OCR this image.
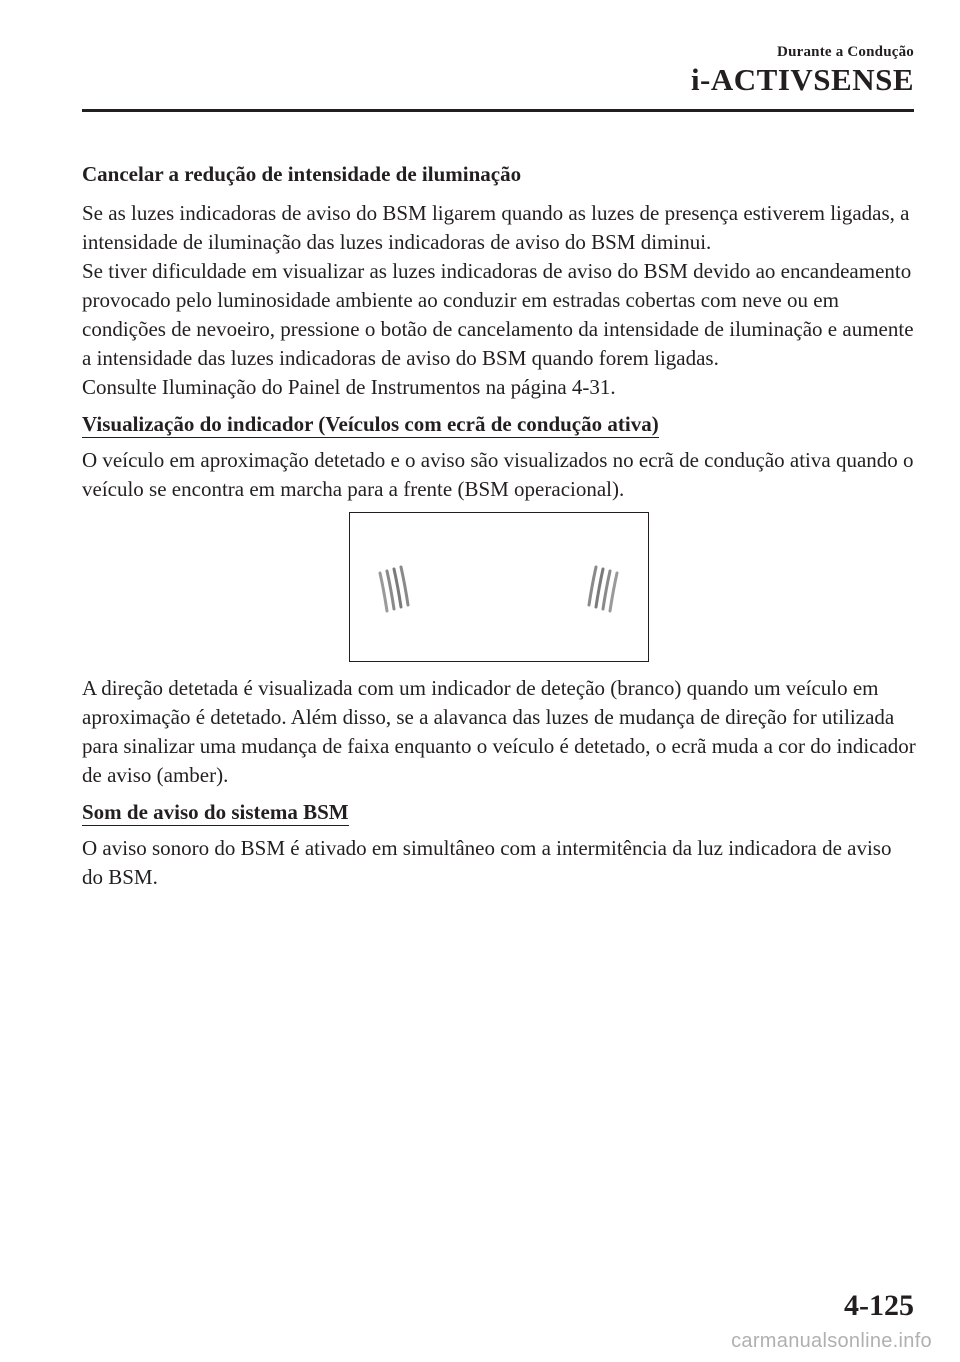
Durante a Condução
i-ACTIVSENSE
Cancelar a redução de intensidade de iluminação
Se as luzes indicadoras de aviso do BSM ligarem quando as luzes de presença estiverem ligadas, a intensidade de iluminação das luzes indicadoras de aviso do BSM diminui.
Se tiver dificuldade em visualizar as luzes indicadoras de aviso do BSM devido ao encandeamento provocado pelo luminosidade ambiente ao conduzir em estradas cobertas com neve ou em condições de nevoeiro, pressione o botão de cancelamento da intensidade de iluminação e aumente a intensidade das luzes indicadoras de aviso do BSM quando forem ligadas.
Consulte Iluminação do Painel de Instrumentos na página 4-31.
Visualização do indicador (Veículos com ecrã de condução ativa)
O veículo em aproximação detetado e o aviso são visualizados no ecrã de condução ativa quando o veículo se encontra em marcha para a frente (BSM operacional).
A direção detetada é visualizada com um indicador de deteção (branco) quando um veículo em aproximação é detetado. Além disso, se a alavanca das luzes de mudança de direção for utilizada para sinalizar uma mudança de faixa enquanto o veículo é detetado, o ecrã muda a cor do indicador de aviso (amber).
Som de aviso do sistema BSM
O aviso sonoro do BSM é ativado em simultâneo com a intermitência da luz indicadora de aviso do BSM.
4-125
carmanualsonline.info
